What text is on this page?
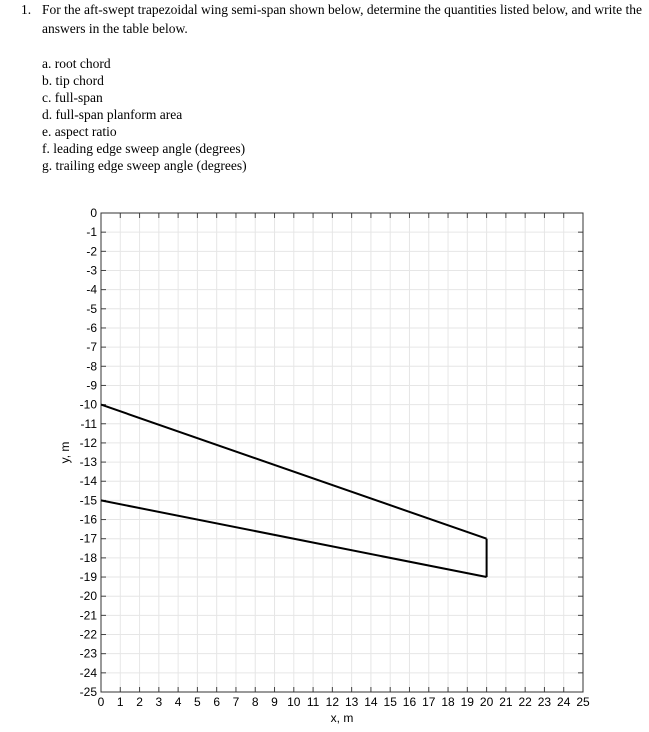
1. For the aft-swept trapezoidal wing semi-span shown below, determine the quantities listed below, and write the answers in the table below.
a. root chord
b. tip chord
c. full-span
d. full-span planform area
e. aspect ratio
f. leading edge sweep angle (degrees)
g. trailing edge sweep angle (degrees)
0 1 2 3 4 5 6 7 8 9 10 11 12 13 14 15 16 17 18 19 20 21 22 23 24 25
0
-1
-2
-3
-4
-5
-6
-7
-8
-9
-10
-11
-12
-13
-14
-15
-16
-17
-18
-19
-20
-21
-22
-23
-24
-25
x, m
y, m
